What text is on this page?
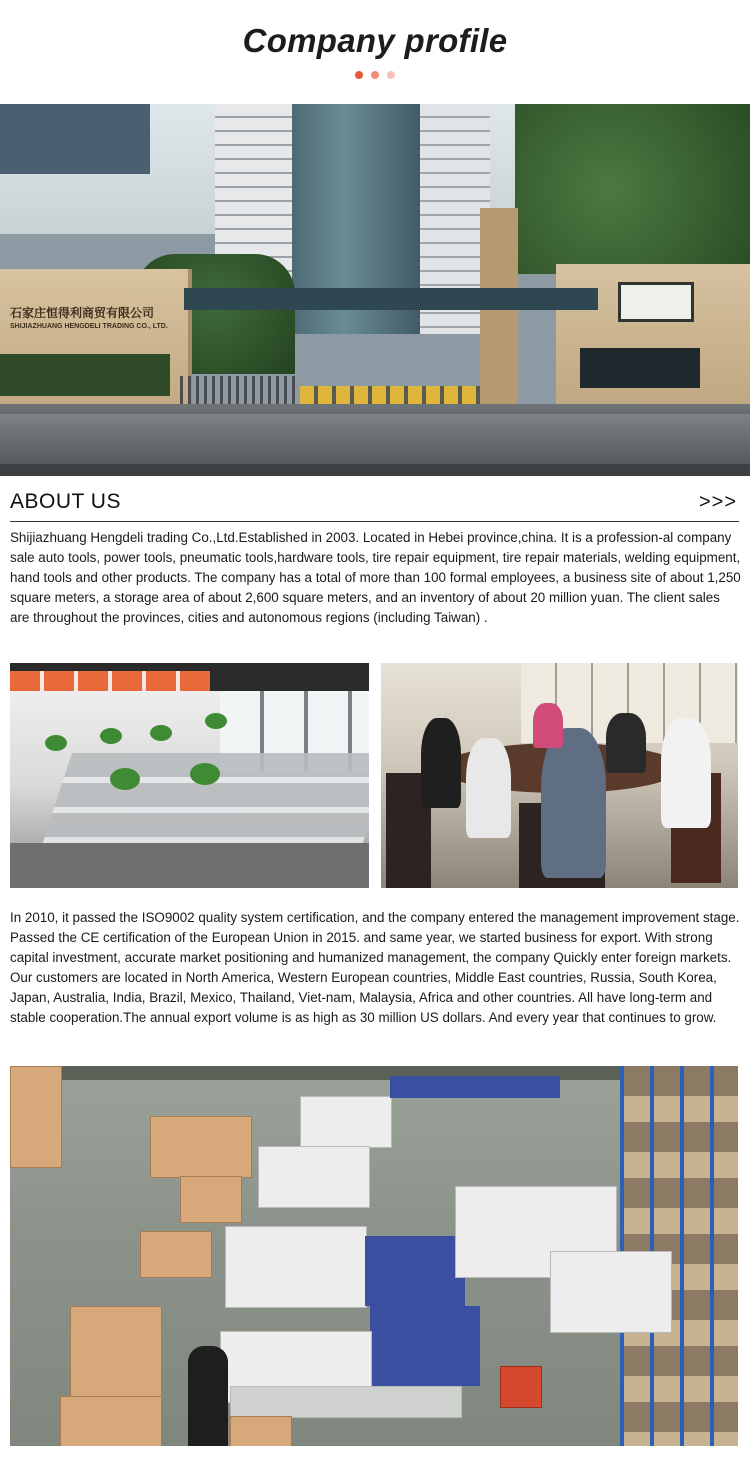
Company profile

石家庄恒得利商贸有限公司
SHIJIAZHUANG HENGDELI TRADING CO., LTD.
ABOUT US	>>>

Shijiazhuang Hengdeli trading Co.,Ltd.Established in 2003. Located in Hebei province,china. It is a profession-al company sale auto tools, power tools, pneumatic tools,hardware tools, tire repair equipment, tire repair materials, welding equipment, hand tools and other products. The company has a total of more than 100 formal employees, a business site of about 1,250 square meters, a storage area of about 2,600 square meters, and an inventory of about 20 million yuan. The client sales are throughout the provinces, cities and autonomous regions (including Taiwan) .

In 2010, it passed the ISO9002 quality system certification, and the company entered the management improvement stage. Passed the CE certification of the European Union in 2015. and same year, we started business for export. With strong capital investment, accurate market positioning and humanized management, the company Quickly enter foreign markets. Our customers are located in North America, Western European countries, Middle East countries, Russia, South Korea, Japan, Australia, India, Brazil, Mexico, Thailand, Viet-nam, Malaysia, Africa and other countries. All have long-term and stable cooperation.The annual export volume is as high as 30 million US dollars. And every year that continues to grow.
